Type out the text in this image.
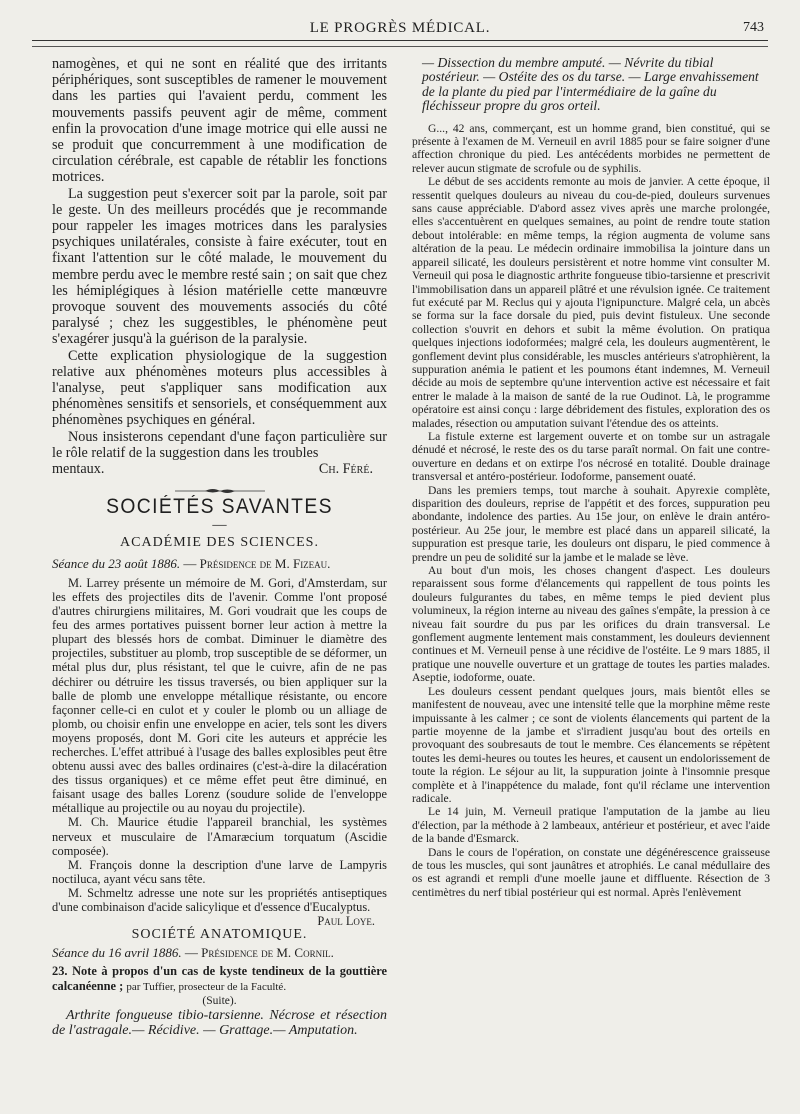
LE PROGRÈS MÉDICAL.	743

namogènes, et qui ne sont en réalité que des irritants périphériques, sont susceptibles de ramener le mouvement dans les parties qui l'avaient perdu, comment les mouvements passifs peuvent agir de même, comment enfin la provocation d'une image motrice qui elle aussi ne se produit que concurremment à une modification de circulation cérébrale, est capable de rétablir les fonctions motrices.

La suggestion peut s'exercer soit par la parole, soit par le geste. Un des meilleurs procédés que je recommande pour rappeler les images motrices dans les paralysies psychiques unilatérales, consiste à faire exécuter, tout en fixant l'attention sur le côté malade, le mouvement du membre perdu avec le membre resté sain ; on sait que chez les hémiplégiques à lésion matérielle cette manœuvre provoque souvent des mouvements associés du côté paralysé ; chez les suggestibles, le phénomène peut s'exagérer jusqu'à la guérison de la paralysie.

Cette explication physiologique de la suggestion relative aux phénomènes moteurs plus accessibles à l'analyse, peut s'appliquer sans modification aux phénomènes sensitifs et sensoriels, et conséquemment aux phénomènes psychiques en général.

Nous insisterons cependant d'une façon particulière sur le rôle relatif de la suggestion dans les troubles

mentaux.	Ch. Féré.
SOCIÉTÉS SAVANTES
—
ACADÉMIE DES SCIENCES.
Séance du 23 août 1886. — Présidence de M. Fizeau.

M. Larrey présente un mémoire de M. Gori, d'Amsterdam, sur les effets des projectiles dits de l'avenir. Comme l'ont proposé d'autres chirurgiens militaires, M. Gori voudrait que les coups de feu des armes portatives puissent borner leur action à mettre la plupart des blessés hors de combat. Diminuer le diamètre des projectiles, substituer au plomb, trop susceptible de se déformer, un métal plus dur, plus résistant, tel que le cuivre, afin de ne pas déchirer ou détruire les tissus traversés, ou bien appliquer sur la balle de plomb une enveloppe métallique résistante, ou encore façonner celle-ci en culot et y couler le plomb ou un alliage de plomb, ou choisir enfin une enveloppe en acier, tels sont les divers moyens proposés, dont M. Gori cite les auteurs et apprécie les recherches. L'effet attribué à l'usage des balles explosibles peut être obtenu aussi avec des balles ordinaires (c'est-à-dire la dilacération des tissus organiques) et ce même effet peut être diminué, en faisant usage des balles Lorenz (soudure solide de l'enveloppe métallique au projectile ou au noyau du projectile).

M. Ch. Maurice étudie l'appareil branchial, les systèmes nerveux et musculaire de l'Amaræcium torquatum (Ascidie composée).

M. François donne la description d'une larve de Lampyris noctiluca, ayant vécu sans tête.

M. Schmeltz adresse une note sur les propriétés antiseptiques d'une combinaison d'acide salicylique et d'essence d'Eucalyptus.
Paul Loye.

SOCIÉTÉ ANATOMIQUE.
Séance du 16 avril 1886. — Présidence de M. Cornil.

23. Note à propos d'un cas de kyste tendineux de la gouttière calcanéenne ; par Tuffier, prosecteur de la Faculté.

(Suite).

Arthrite fongueuse tibio-tarsienne. Nécrose et résection de l'astragale.— Récidive. — Grattage.— Amputation.

— Dissection du membre amputé. — Névrite du tibial postérieur. — Ostéite des os du tarse. — Large envahissement de la plante du pied par l'intermédiaire de la gaîne du fléchisseur propre du gros orteil.

G..., 42 ans, commerçant, est un homme grand, bien constitué, qui se présente à l'examen de M. Verneuil en avril 1885 pour se faire soigner d'une affection chronique du pied. Les antécédents morbides ne permettent de relever aucun stigmate de scrofule ou de syphilis.

Le début de ses accidents remonte au mois de janvier. A cette époque, il ressentit quelques douleurs au niveau du cou-de-pied, douleurs survenues sans cause appréciable. D'abord assez vives après une marche prolongée, elles s'accentuèrent en quelques semaines, au point de rendre toute station debout intolérable: en même temps, la région augmenta de volume sans altération de la peau. Le médecin ordinaire immobilisa la jointure dans un appareil silicaté, les douleurs persistèrent et notre homme vint consulter M. Verneuil qui posa le diagnostic arthrite fongueuse tibio-tarsienne et prescrivit l'immobilisation dans un appareil plâtré et une révulsion ignée. Ce traitement fut exécuté par M. Reclus qui y ajouta l'ignipuncture. Malgré cela, un abcès se forma sur la face dorsale du pied, puis devint fistuleux. Une seconde collection s'ouvrit en dehors et subit la même évolution. On pratiqua quelques injections iodoformées; malgré cela, les douleurs augmentèrent, le gonflement devint plus considérable, les muscles antérieurs s'atrophièrent, la suppuration anémia le patient et les poumons étant indemnes, M. Verneuil décide au mois de septembre qu'une intervention active est nécessaire et fait entrer le malade à la maison de santé de la rue Oudinot. Là, le programme opératoire est ainsi conçu : large débridement des fistules, exploration des os malades, résection ou amputation suivant l'étendue des os atteints.

La fistule externe est largement ouverte et on tombe sur un astragale dénudé et nécrosé, le reste des os du tarse paraît normal. On fait une contre-ouverture en dedans et on extirpe l'os nécrosé en totalité. Double drainage transversal et antéro-postérieur. Iodoforme, pansement ouaté.

Dans les premiers temps, tout marche à souhait. Apyrexie complète, disparition des douleurs, reprise de l'appétit et des forces, suppuration peu abondante, indolence des parties. Au 15e jour, on enlève le drain antéro-postérieur. Au 25e jour, le membre est placé dans un appareil silicaté, la suppuration est presque tarie, les douleurs ont disparu, le pied commence à prendre un peu de solidité sur la jambe et le malade se lève.

Au bout d'un mois, les choses changent d'aspect. Les douleurs reparaissent sous forme d'élancements qui rappellent de tous points les douleurs fulgurantes du tabes, en même temps le pied devient plus volumineux, la région interne au niveau des gaînes s'empâte, la pression à ce niveau fait sourdre du pus par les orifices du drain transversal. Le gonflement augmente lentement mais constamment, les douleurs deviennent continues et M. Verneuil pense à une récidive de l'ostéite. Le 9 mars 1885, il pratique une nouvelle ouverture et un grattage de toutes les parties malades. Aseptie, iodoforme, ouate.

Les douleurs cessent pendant quelques jours, mais bientôt elles se manifestent de nouveau, avec une intensité telle que la morphine même reste impuissante à les calmer ; ce sont de violents élancements qui partent de la partie moyenne de la jambe et s'irradient jusqu'au bout des orteils en provoquant des soubresauts de tout le membre. Ces élancements se répètent toutes les demi-heures ou toutes les heures, et causent un endolorissement de toute la région. Le séjour au lit, la suppuration jointe à l'insomnie presque complète et à l'inappétence du malade, font qu'il réclame une intervention radicale.

Le 14 juin, M. Verneuil pratique l'amputation de la jambe au lieu d'élection, par la méthode à 2 lambeaux, antérieur et postérieur, et avec l'aide de la bande d'Esmarck.

Dans le cours de l'opération, on constate une dégénérescence graisseuse de tous les muscles, qui sont jaunâtres et atrophiés. Le canal médullaire des os est agrandi et rempli d'une moelle jaune et diffluente. Résection de 3 centimètres du nerf tibial postérieur qui est normal. Après l'enlèvement
